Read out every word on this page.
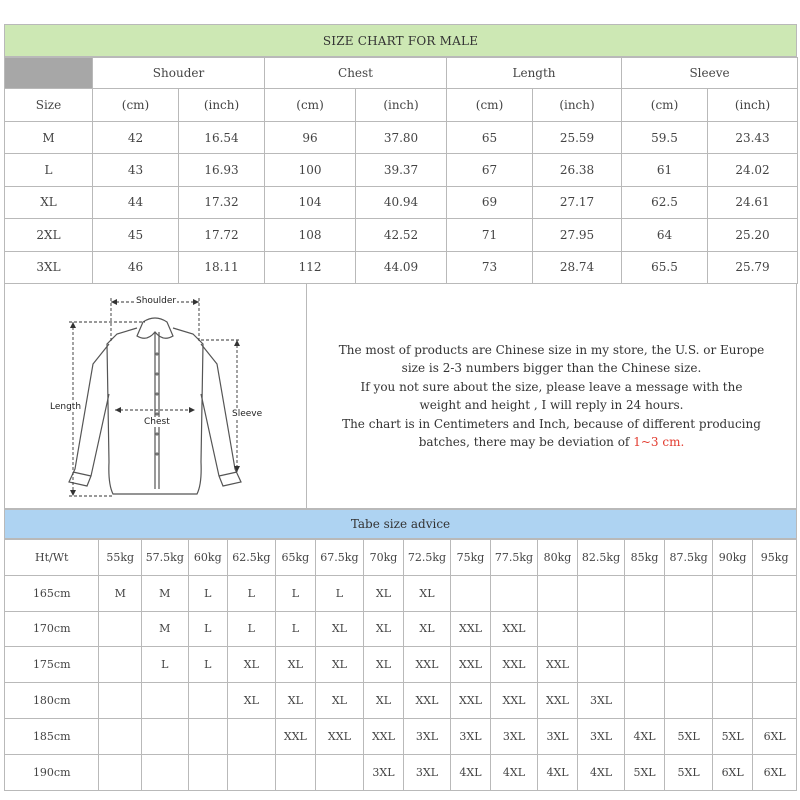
SIZE CHART FOR MALE
	Shouder		Chest		Length		Sleeve	
Size	(cm)	(inch)	(cm)	(inch)	(cm)	(inch)	(cm)	(inch)
M	42	16.54	96	37.80	65	25.59	59.5	23.43
L	43	16.93	100	39.37	67	26.38	61	24.02
XL	44	17.32	104	40.94	69	27.17	62.5	24.61
2XL	45	17.72	108	42.52	71	27.95	64	25.20
3XL	46	18.11	112	44.09	73	28.74	65.5	25.79
Shoulder
Length
Chest
Sleeve
The most of products are Chinese size in my store, the U.S. or Europe
size is 2-3 numbers bigger than the Chinese size.
If you not sure about the size, please leave a message with the
weight and height , I will reply in 24 hours.
The chart is in Centimeters and Inch, because of different producing
batches, there may be deviation of 1~3 cm.
Tabe size advice
Ht/Wt	55kg	57.5kg	60kg	62.5kg	65kg	67.5kg	70kg	72.5kg	75kg	77.5kg	80kg	82.5kg	85kg	87.5kg	90kg	95kg
165cm	M	M	L	L	L	L	XL	XL								
170cm		M	L	L	L	XL	XL	XL	XXL	XXL						
175cm		L	L	XL	XL	XL	XL	XXL	XXL	XXL	XXL					
180cm				XL	XL	XL	XL	XXL	XXL	XXL	XXL	3XL				
185cm					XXL	XXL	XXL	3XL	3XL	3XL	3XL	3XL	4XL	5XL	5XL	6XL
190cm							3XL	3XL	4XL	4XL	4XL	4XL	5XL	5XL	6XL	6XL
